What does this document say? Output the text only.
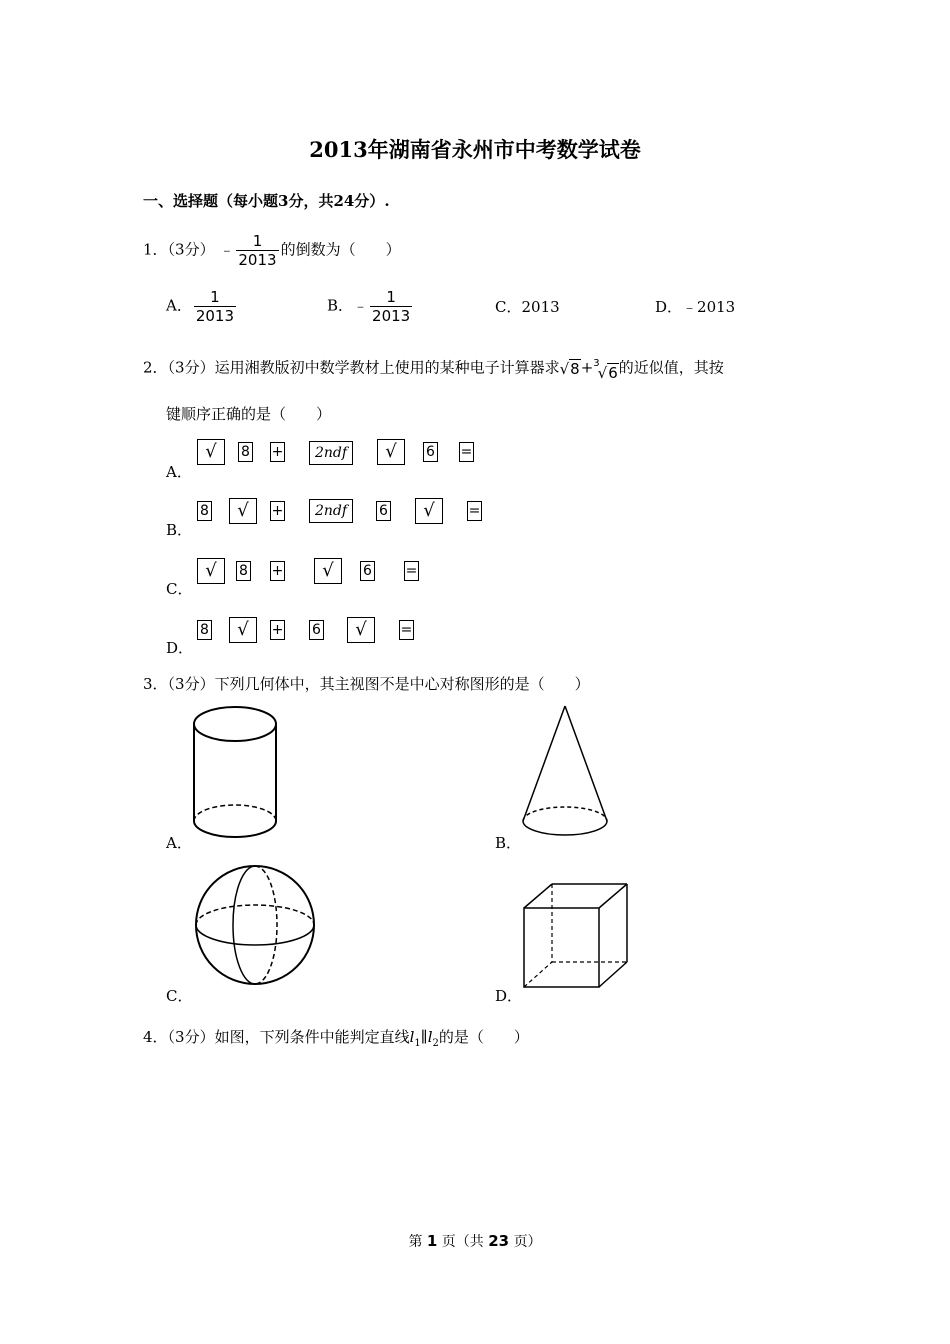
2013年湖南省永州市中考数学试卷
一、选择题（每小题3分，共24分）.
1．（3分） ﹣ $\frac{1}{2013}$ 的倒数为（　　）
A． $\frac{1}{2013}$	B．﹣ $\frac{1}{2013}$	C．2013	D．﹣2013
2．（3分）运用湘教版初中数学教材上使用的某种电子计算器求√8+$^3$√6的近似值，其按
键顺序正确的是（　　）
A．
√ 8 +	2ndf	√ 6 =
B．
8 √ +	2ndf	6 √ =
C．
√ 8 + √ 6 =
D．
8 √ + 6 √ =
3．（3分）下列几何体中，其主视图不是中心对称图形的是（　　）
A．	B．
C．	D．
4．（3分）如图，下列条件中能判定直线$l_1\parallel l_2$的是（　　）
第 1 页（共 23 页）
